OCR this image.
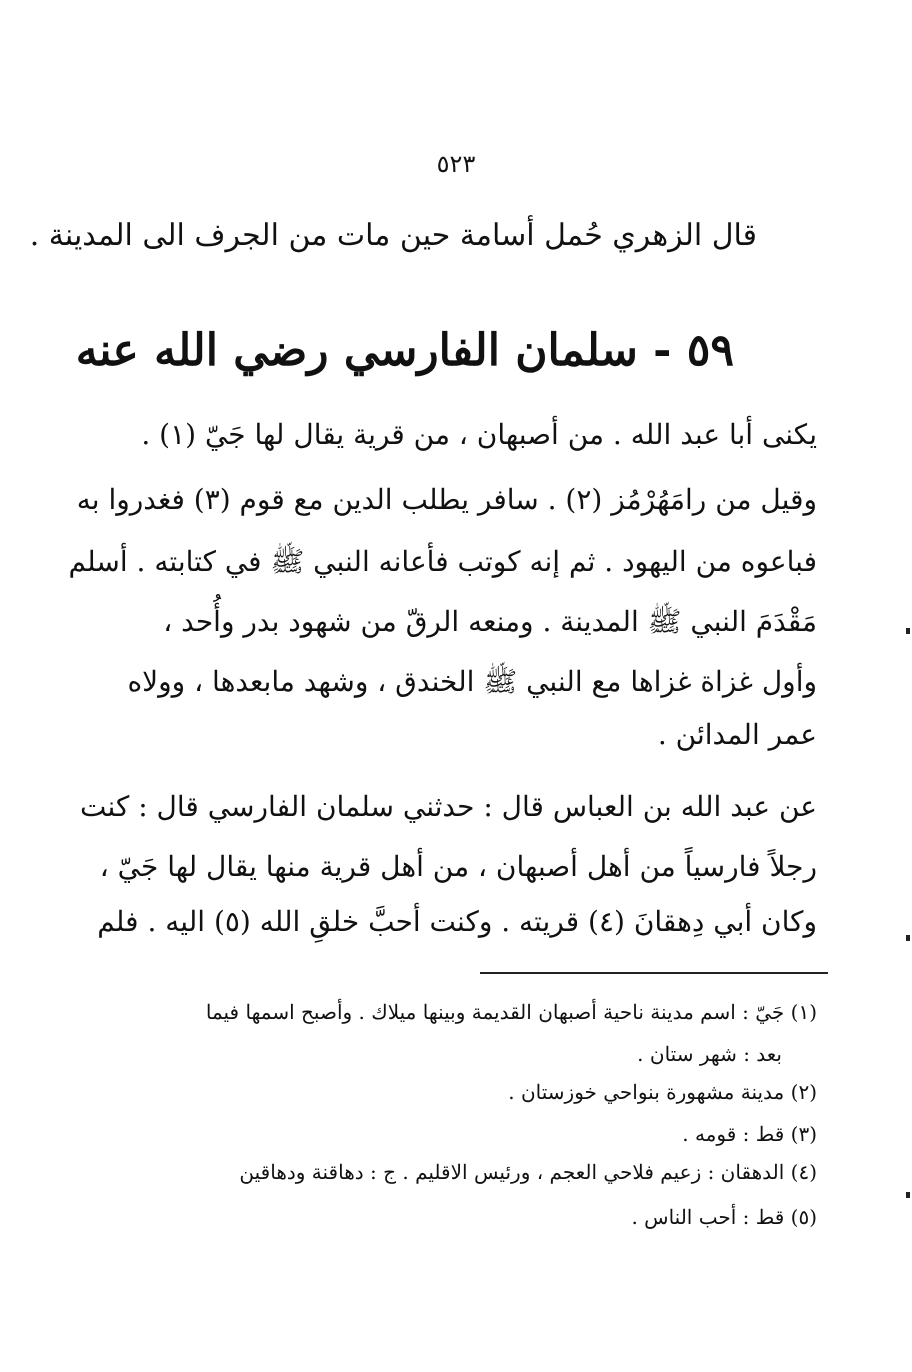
٥٢٣
قال الزهري حُمل أسامة حين مات من الجرف الى المدينة .
٥٩ - سلمان الفارسي رضي الله عنه
يكنى أبا عبد الله . من أصبهان ، من قرية يقال لها جَيّ (١) .
وقيل من رامَهُرْمُز (٢) . سافر يطلب الدين مع قوم (٣) فغدروا به
فباعوه من اليهود . ثم إنه كوتب فأعانه النبي ﷺ في كتابته . أسلم
مَقْدَمَ النبي ﷺ المدينة . ومنعه الرقّ من شهود بدر وأُحد ،
وأول غزاة غزاها مع النبي ﷺ الخندق ، وشهد مابعدها ، وولاه
عمر المدائن .
عن عبد الله بن العباس قال : حدثني سلمان الفارسي قال : كنت
رجلاً فارسياً من أهل أصبهان ، من أهل قرية منها يقال لها جَيّ ،
وكان أبي دِهقانَ (٤) قريته . وكنت أحبَّ خلقِ الله (٥) اليه . فلم
(١) جَيّ : اسم مدينة ناحية أصبهان القديمة وبينها ميلاك . وأصبح اسمها فيما
بعد : شهر ستان .
(٢) مدينة مشهورة بنواحي خوزستان .
(٣) قط : قومه .
(٤) الدهقان : زعيم فلاحي العجم ، ورئيس الاقليم . ج : دهاقنة ودهاقين
(٥) قط : أحب الناس .
